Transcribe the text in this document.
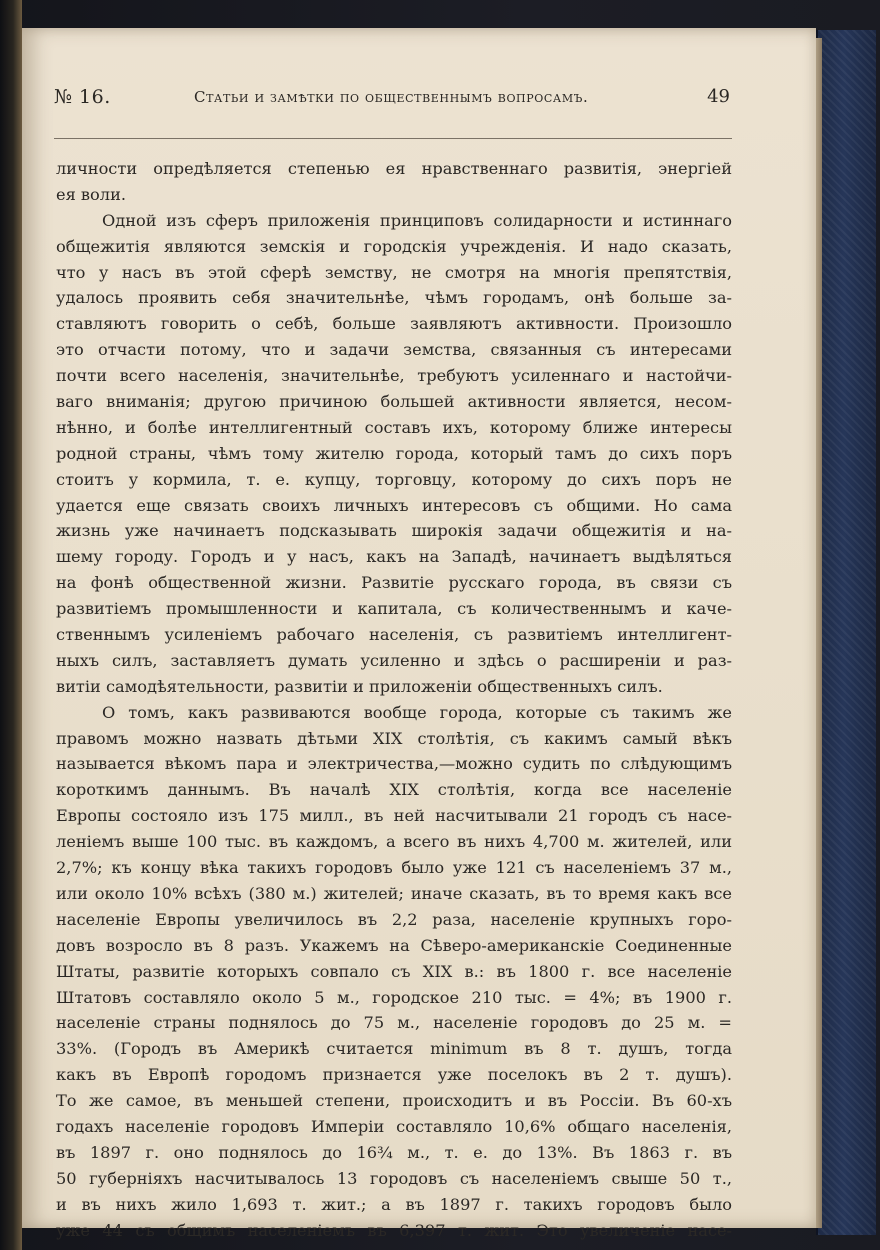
№ 16.	Статьи и замѣтки по общественнымъ вопросамъ.	49
личности опредѣляется степенью ея нравственнаго развитія, энергіей
ея воли.
Одной изъ сферъ приложенія принциповъ солидарности и истиннаго
общежитія являются земскія и городскія учрежденія. И надо сказать,
что у насъ въ этой сферѣ земству, не смотря на многія препятствія,
удалось проявить себя значительнѣе, чѣмъ городамъ, онѣ больше за-
ставляютъ говорить о себѣ, больше заявляютъ активности. Произошло
это отчасти потому, что и задачи земства, связанныя съ интересами
почти всего населенія, значительнѣе, требуютъ усиленнаго и настойчи-
ваго вниманія; другою причиною большей активности является, несом-
нѣнно, и болѣе интеллигентный составъ ихъ, которому ближе интересы
родной страны, чѣмъ тому жителю города, который тамъ до сихъ поръ
стоитъ у кормила, т. е. купцу, торговцу, которому до сихъ поръ не
удается еще связать своихъ личныхъ интересовъ съ общими. Но сама
жизнь уже начинаетъ подсказывать широкія задачи общежитія и на-
шему городу. Городъ и у насъ, какъ на Западѣ, начинаетъ выдѣляться
на фонѣ общественной жизни. Развитіе русскаго города, въ связи съ
развитіемъ промышленности и капитала, съ количественнымъ и каче-
ственнымъ усиленіемъ рабочаго населенія, съ развитіемъ интеллигент-
ныхъ силъ, заставляетъ думать усиленно и здѣсь о расширеніи и раз-
витіи самодѣятельности, развитіи и приложеніи общественныхъ силъ.
О томъ, какъ развиваются вообще города, которые съ такимъ же
правомъ можно назвать дѣтьми XIX столѣтія, съ какимъ самый вѣкъ
называется вѣкомъ пара и электричества,—можно судить по слѣдующимъ
короткимъ даннымъ. Въ началѣ XIX столѣтія, когда все населеніе
Европы состояло изъ 175 милл., въ ней насчитывали 21 городъ съ насе-
леніемъ выше 100 тыс. въ каждомъ, а всего въ нихъ 4,700 м. жителей, или
2,7%; къ концу вѣка такихъ городовъ было уже 121 съ населеніемъ 37 м.,
или около 10% всѣхъ (380 м.) жителей; иначе сказать, въ то время какъ все
населеніе Европы увеличилось въ 2,2 раза, населеніе крупныхъ горо-
довъ возросло въ 8 разъ. Укажемъ на Сѣверо-американскіе Соединенные
Штаты, развитіе которыхъ совпало съ XIX в.: въ 1800 г. все населеніе
Штатовъ составляло около 5 м., городское 210 тыс. = 4%; въ 1900 г.
населеніе страны поднялось до 75 м., населеніе городовъ до 25 м. =
33%. (Городъ въ Америкѣ считается minimum въ 8 т. душъ, тогда
какъ въ Европѣ городомъ признается уже поселокъ въ 2 т. душъ).
То же самое, въ меньшей степени, происходитъ и въ Россіи. Въ 60-хъ
годахъ населеніе городовъ Имперіи составляло 10,6% общаго населенія,
въ 1897 г. оно поднялось до 16¾ м., т. е. до 13%. Въ 1863 г. въ
50 губерніяхъ насчитывалось 13 городовъ съ населеніемъ свыше 50 т.,
и въ нихъ жило 1,693 т. жит.; а въ 1897 г. такихъ городовъ было
уже 44 съ общимъ населеніемъ въ 6,397 т. жит. Это увеличеніе насе-
